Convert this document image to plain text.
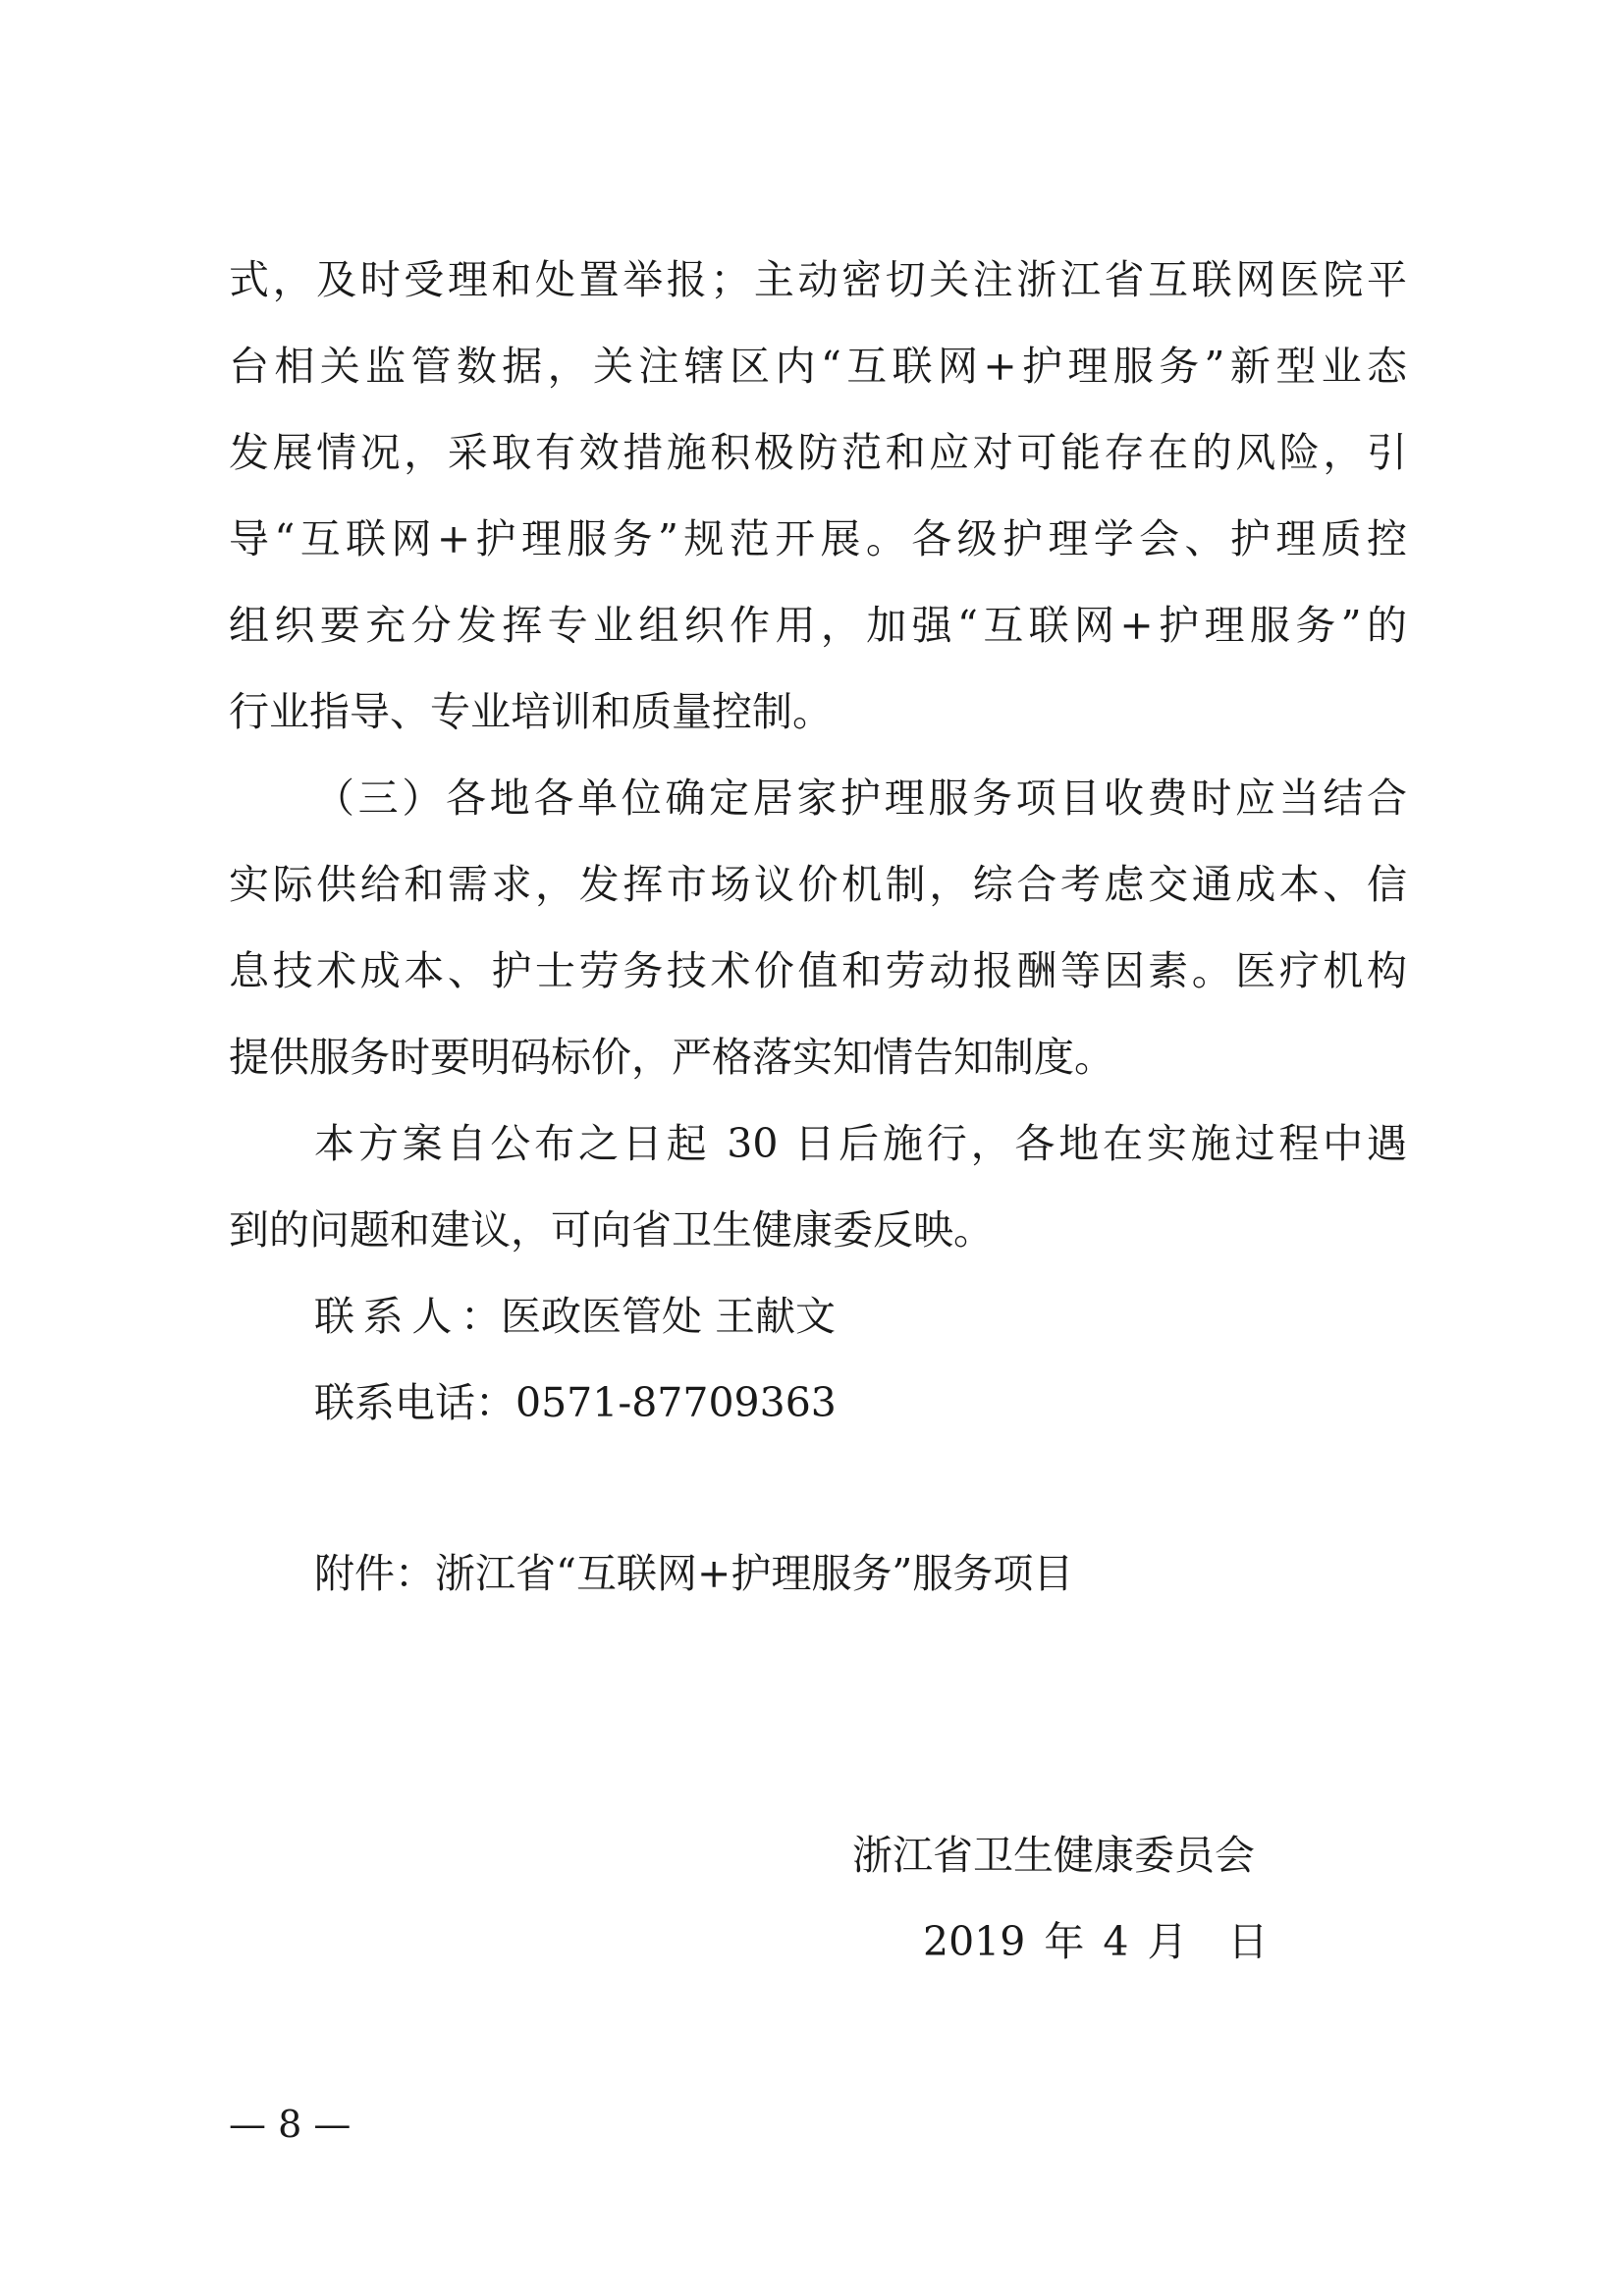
式，及时受理和处置举报；主动密切关注浙江省互联网医院平
台相关监管数据，关注辖区内“互联网+护理服务”新型业态
发展情况，采取有效措施积极防范和应对可能存在的风险，引
导“互联网+护理服务”规范开展。各级护理学会、护理质控
组织要充分发挥专业组织作用，加强“互联网+护理服务”的
行业指导、专业培训和质量控制。
（三）各地各单位确定居家护理服务项目收费时应当结合
实际供给和需求，发挥市场议价机制，综合考虑交通成本、信
息技术成本、护士劳务技术价值和劳动报酬等因素。医疗机构
提供服务时要明码标价，严格落实知情告知制度。
本方案自公布之日起 30 日后施行，各地在实施过程中遇
到的问题和建议，可向省卫生健康委反映。
联系人：医政医管处 王献文
联系电话：0571-87709363
附件：浙江省“互联网+护理服务”服务项目
浙江省卫生健康委员会
2019 年 4 月　日
— 8 —
